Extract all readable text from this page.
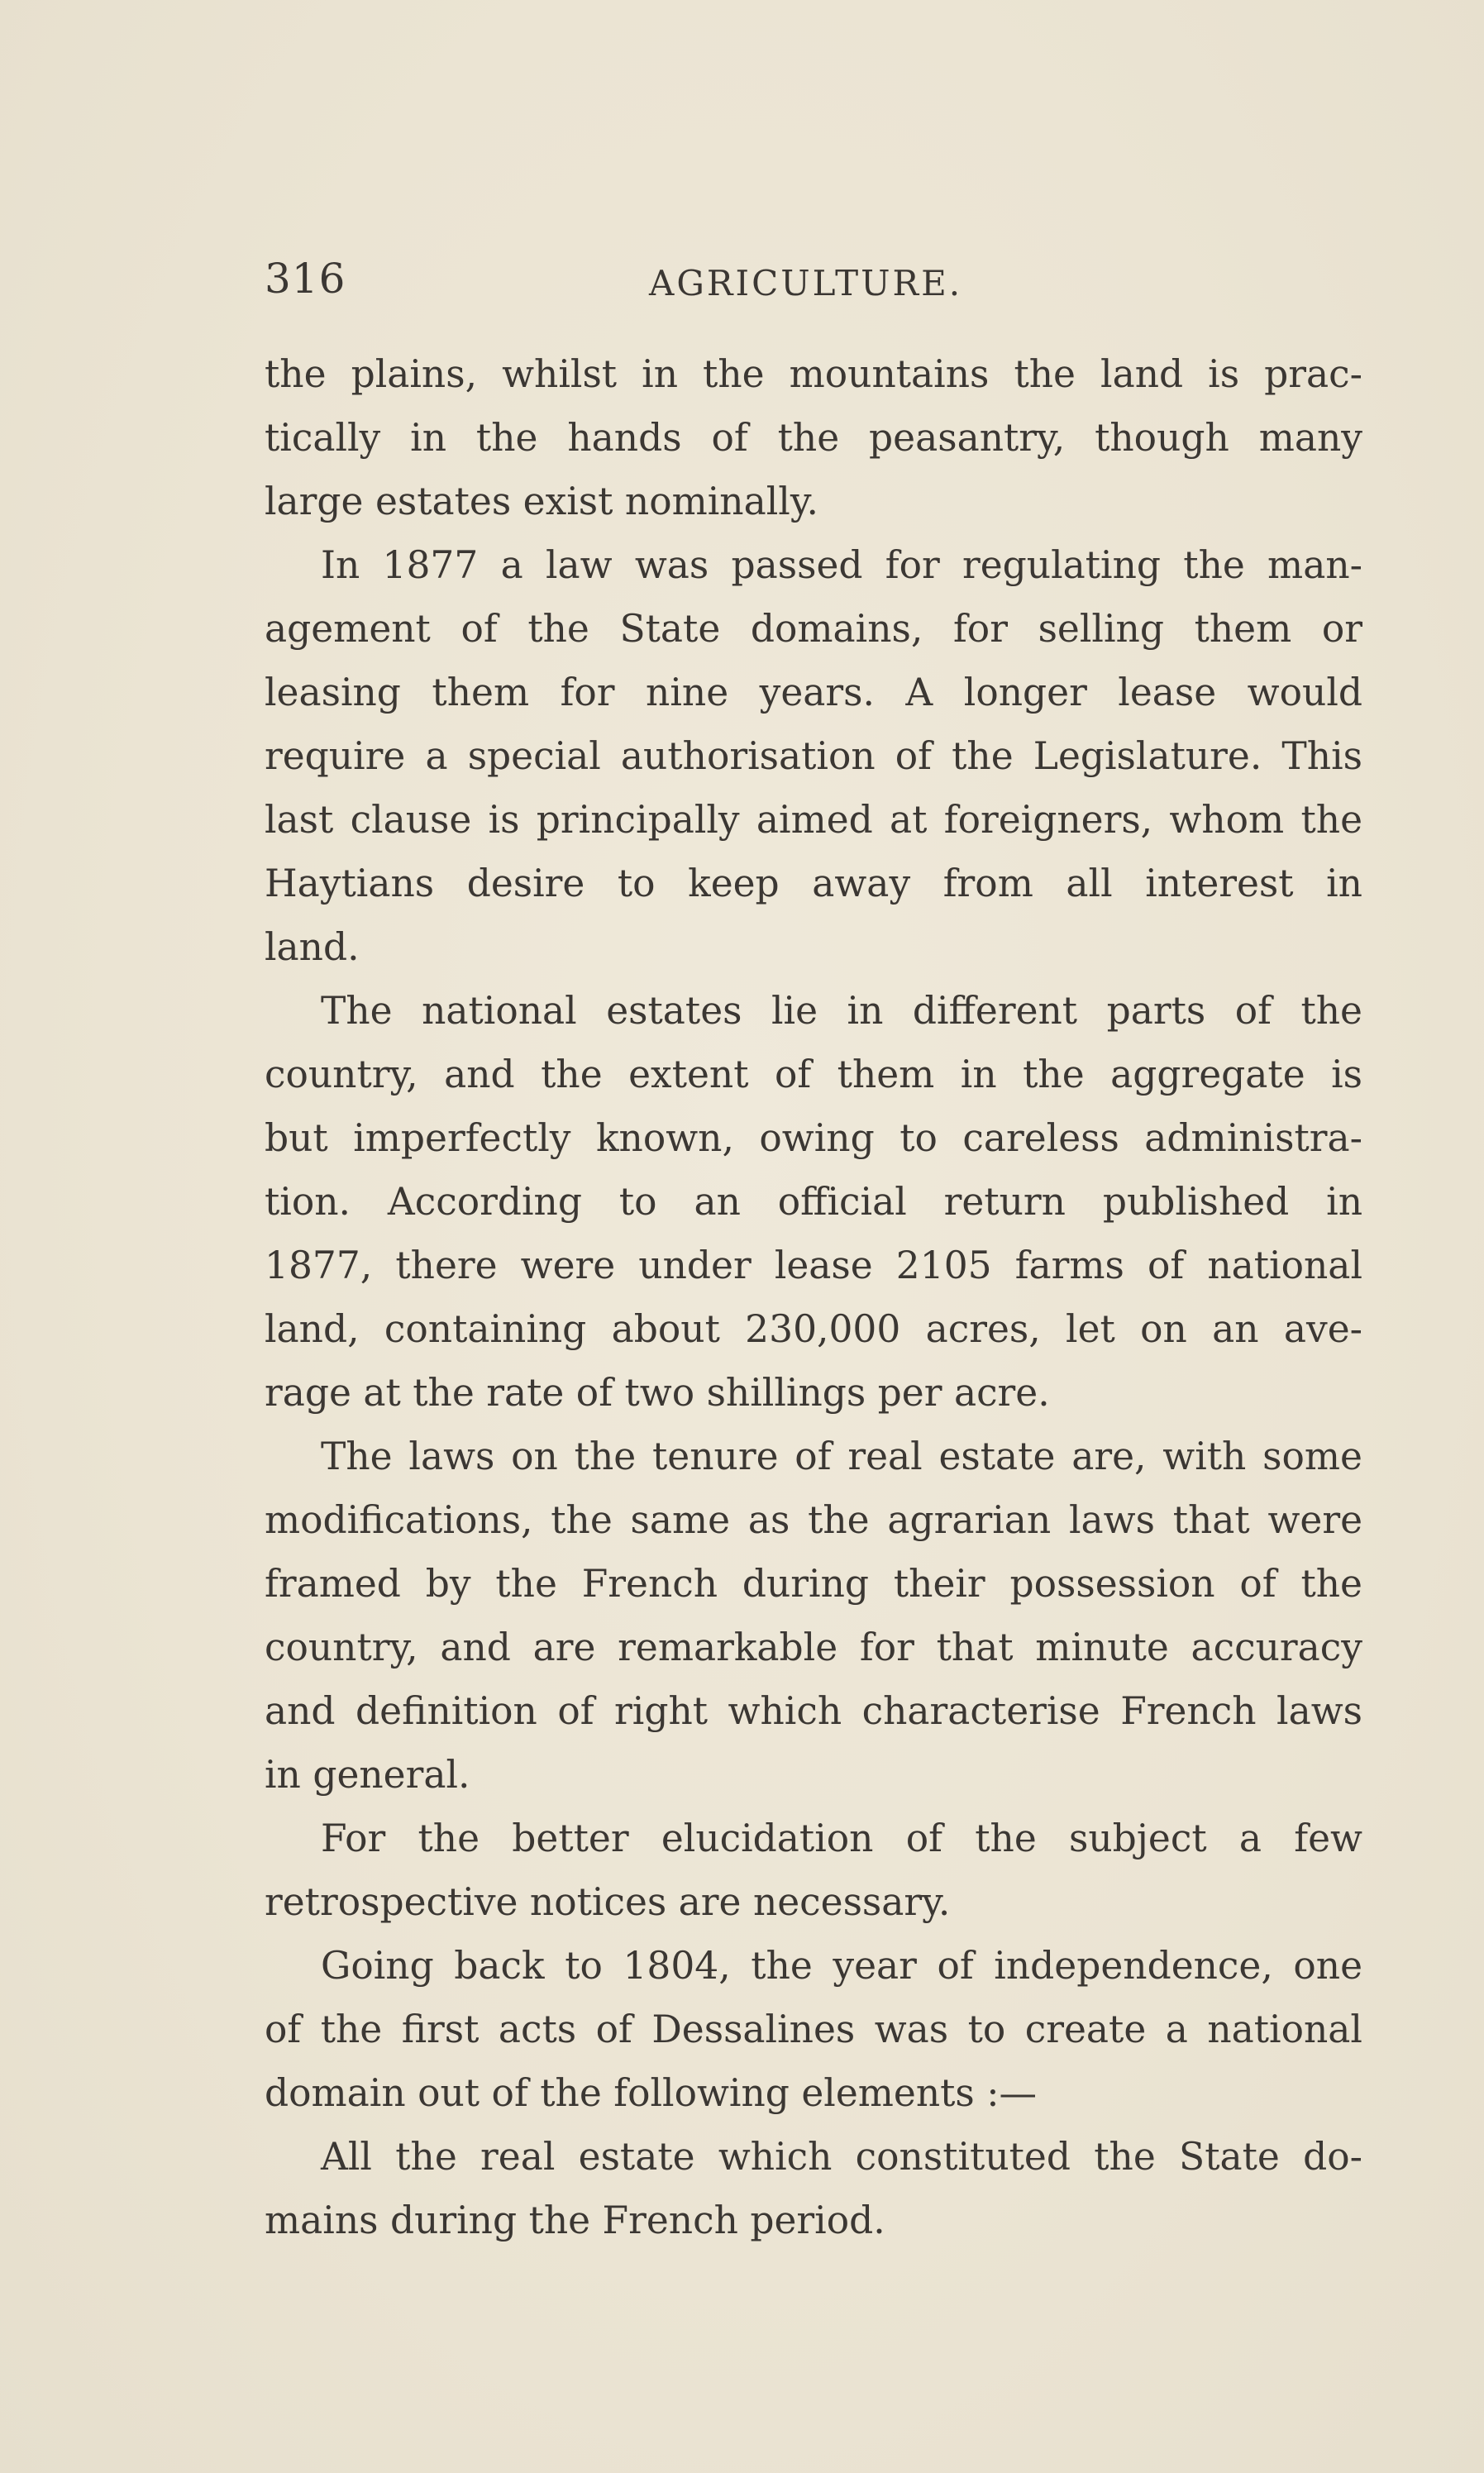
316	AGRICULTURE.
the plains, whilst in the mountains the land is prac-
tically in the hands of the peasantry, though many
large estates exist nominally.
In 1877 a law was passed for regulating the man-
agement of the State domains, for selling them or
leasing them for nine years. A longer lease would
require a special authorisation of the Legislature. This
last clause is principally aimed at foreigners, whom the
Haytians desire to keep away from all interest in
land.
The national estates lie in different parts of the
country, and the extent of them in the aggregate is
but imperfectly known, owing to careless administra-
tion. According to an official return published in
1877, there were under lease 2105 farms of national
land, containing about 230,000 acres, let on an ave-
rage at the rate of two shillings per acre.
The laws on the tenure of real estate are, with some
modifications, the same as the agrarian laws that were
framed by the French during their possession of the
country, and are remarkable for that minute accuracy
and definition of right which characterise French laws
in general.
For the better elucidation of the subject a few
retrospective notices are necessary.
Going back to 1804, the year of independence, one
of the first acts of Dessalines was to create a national
domain out of the following elements :—
All the real estate which constituted the State do-
mains during the French period.
